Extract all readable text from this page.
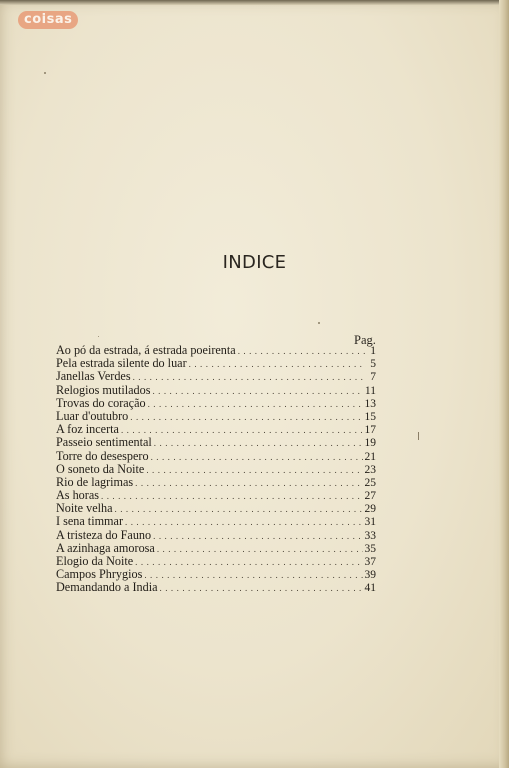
coisas
INDICE
Pag.
Ao pó da estrada, á estrada poeirenta . . .	1
Pela estrada silente do luar . . .	5
Janellas Verdes . . .	7
Relogios mutilados . . .	11
Trovas do coração . . .	13
Luar d'outubro . . .	15
A foz incerta . . .	17
Passeio sentimental . . .	19
Torre do desespero . . .	21
O soneto da Noite . . .	23
Rio de lagrimas . . .	25
As horas . . .	27
Noite velha . . .	29
I sena timmar . . .	31
A tristeza do Fauno . . .	33
A azinhaga amorosa . . .	35
Elogio da Noite . . .	37
Campos Phrygios . . .	39
Demandando a India . . .	41
